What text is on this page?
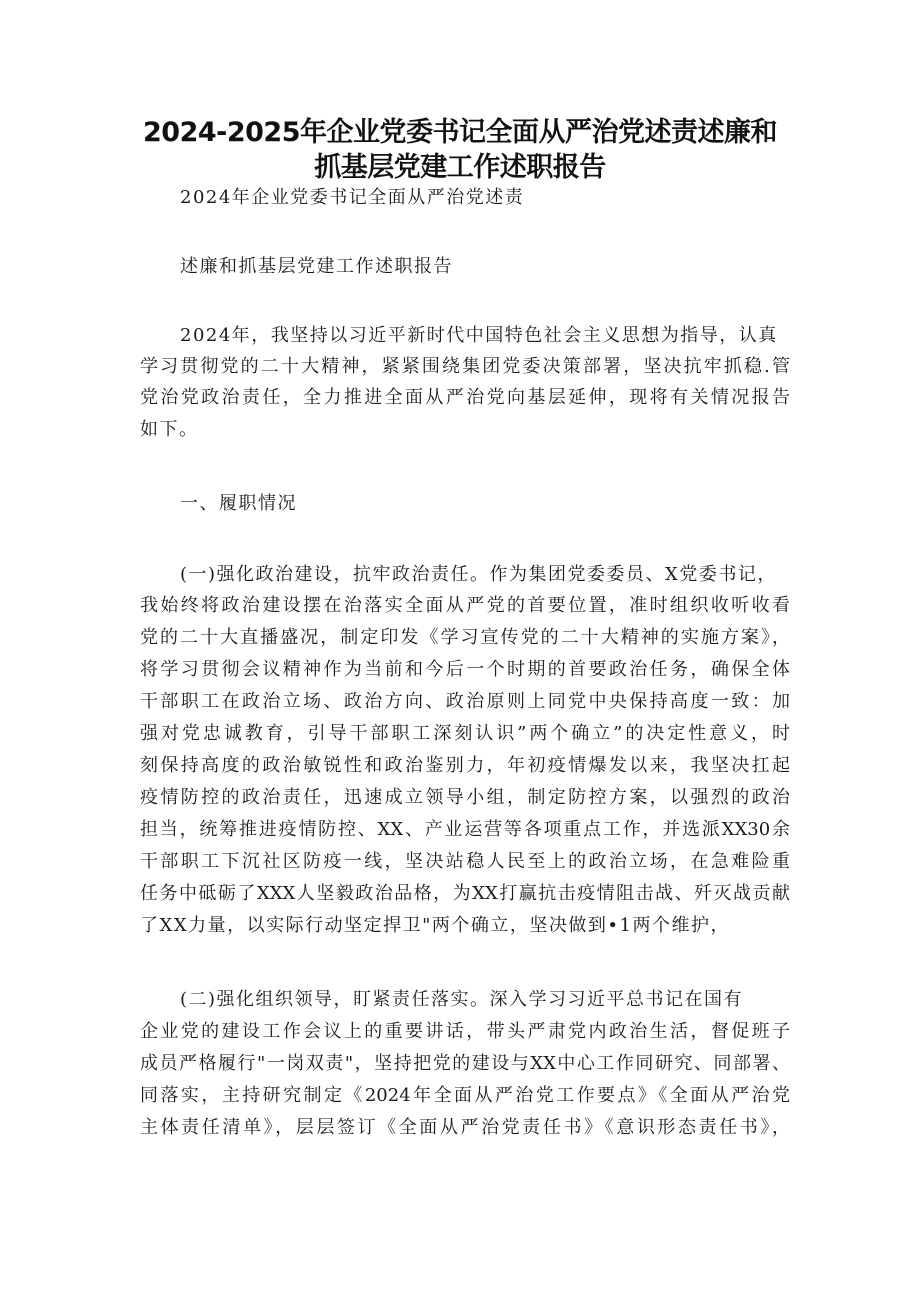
2024-2025年企业党委书记全面从严治党述责述廉和
抓基层党建工作述职报告
2024年企业党委书记全面从严治党述责
述廉和抓基层党建工作述职报告
2024年，我坚持以习近平新时代中国特色社会主义思想为指导，认真
学习贯彻党的二十大精神，紧紧围绕集团党委决策部署，坚决抗牢抓稳.管
党治党政治责任，全力推进全面从严治党向基层延伸，现将有关情况报告
如下。
一、履职情况
(一)强化政治建设，抗牢政治责任。作为集团党委委员、X党委书记，
我始终将政治建设摆在治落实全面从严党的首要位置，准时组织收听收看
党的二十大直播盛况，制定印发《学习宣传党的二十大精神的实施方案》，
将学习贯彻会议精神作为当前和今后一个时期的首要政治任务，确保全体
干部职工在政治立场、政治方向、政治原则上同党中央保持高度一致：加
强对党忠诚教育，引导干部职工深刻认识”两个确立”的决定性意义，时
刻保持高度的政治敏锐性和政治鉴别力，年初疫情爆发以来，我坚决扛起
疫情防控的政治责任，迅速成立领导小组，制定防控方案，以强烈的政治
担当，统筹推进疫情防控、XX、产业运营等各项重点工作，并选派XX30余
干部职工下沉社区防疫一线，坚决站稳人民至上的政治立场，在急难险重
任务中砥砺了XXX人坚毅政治品格，为XX打赢抗击疫情阻击战、歼灭战贡献
了XX力量，以实际行动坚定捍卫"两个确立，坚决做到•1两个维护，
(二)强化组织领导，盯紧责任落实。深入学习习近平总书记在国有
企业党的建设工作会议上的重要讲话，带头严肃党内政治生活，督促班子
成员严格履行"一岗双责"，坚持把党的建设与XX中心工作同研究、同部署、
同落实，主持研究制定《2024年全面从严治党工作要点》《全面从严治党
主体责任清单》，层层签订《全面从严治党责任书》《意识形态责任书》，
